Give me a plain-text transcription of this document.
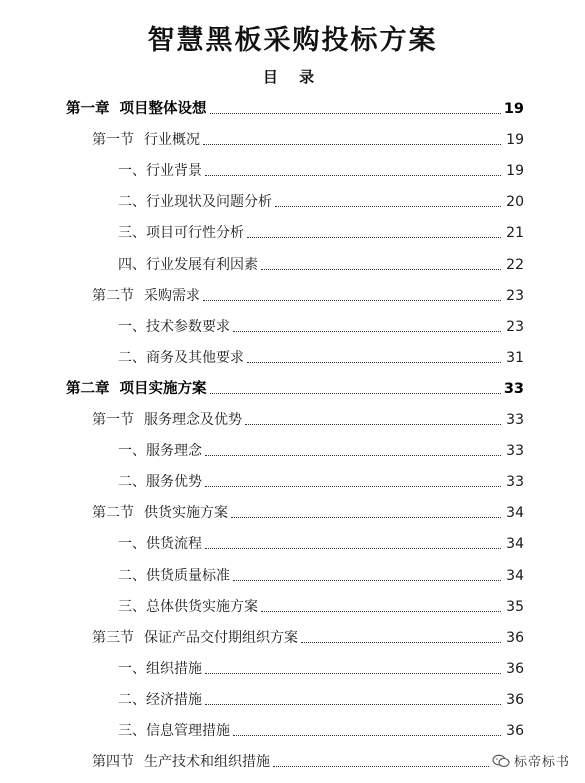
智慧黑板采购投标方案
目 录
第一章 项目整体设想	19
第一节 行业概况	19
一、行业背景	19
二、行业现状及问题分析	20
三、项目可行性分析	21
四、行业发展有利因素	22
第二节 采购需求	23
一、技术参数要求	23
二、商务及其他要求	31
第二章 项目实施方案	33
第一节 服务理念及优势	33
一、服务理念	33
二、服务优势	33
第二节 供货实施方案	34
一、供货流程	34
二、供货质量标准	34
三、总体供货实施方案	35
第三节 保证产品交付期组织方案	36
一、组织措施	36
二、经济措施	36
三、信息管理措施	36
第四节 生产技术和组织措施	标帝标书
